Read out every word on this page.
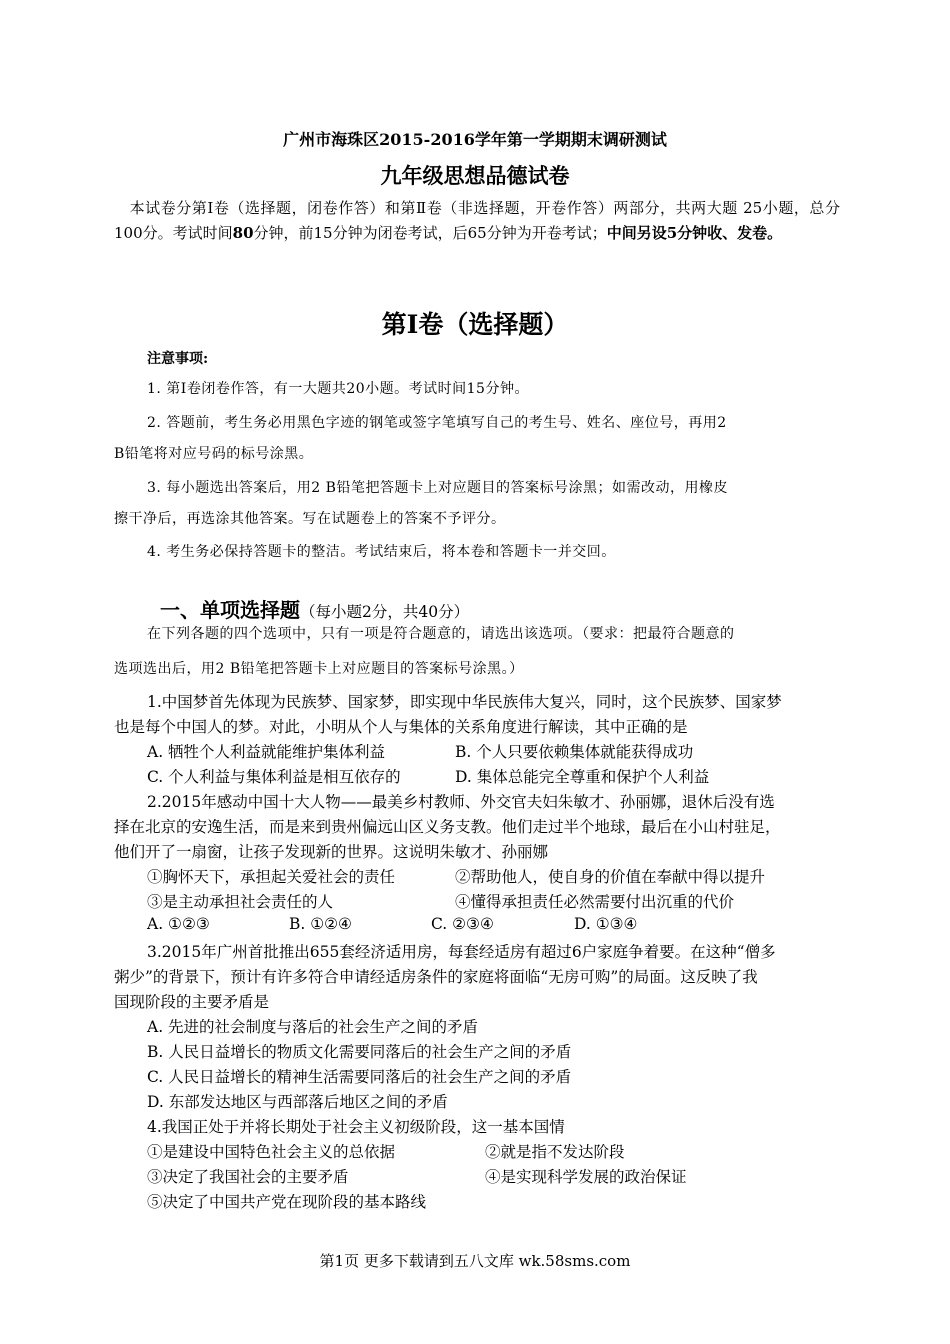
广州市海珠区2015-2016学年第一学期期末调研测试
九年级思想品德试卷
　本试卷分第Ⅰ卷（选择题，闭卷作答）和第Ⅱ卷（非选择题，开卷作答）两部分，共两大题 25小题，总分100分。考试时间80分钟，前15分钟为闭卷考试，后65分钟为开卷考试；中间另设5分钟收、发卷。
第Ⅰ卷（选择题）
注意事项:
1. 第Ⅰ卷闭卷作答，有一大题共20小题。考试时间15分钟。
2. 答题前，考生务必用黑色字迹的钢笔或签字笔填写自己的考生号、姓名、座位号，再用2
B铅笔将对应号码的标号涂黑。
3. 每小题选出答案后，用2 B铅笔把答题卡上对应题目的答案标号涂黑；如需改动，用橡皮
擦干净后，再选涂其他答案。写在试题卷上的答案不予评分。
4. 考生务必保持答题卡的整洁。考试结束后，将本卷和答题卡一并交回。
一、单项选择题（每小题2分，共40分）
在下列各题的四个选项中，只有一项是符合题意的，请选出该选项。（要求：把最符合题意的
选项选出后，用2 B铅笔把答题卡上对应题目的答案标号涂黑。）
1.中国梦首先体现为民族梦、国家梦，即实现中华民族伟大复兴，同时，这个民族梦、国家梦
也是每个中国人的梦。对此，小明从个人与集体的关系角度进行解读，其中正确的是
A. 牺牲个人利益就能维护集体利益	B. 个人只要依赖集体就能获得成功
C. 个人利益与集体利益是相互依存的	D. 集体总能完全尊重和保护个人利益
2.2015年感动中国十大人物——最美乡村教师、外交官夫妇朱敏才、孙丽娜，退休后没有选
择在北京的安逸生活，而是来到贵州偏远山区义务支教。他们走过半个地球，最后在小山村驻足，
他们开了一扇窗，让孩子发现新的世界。这说明朱敏才、孙丽娜
①胸怀天下，承担起关爱社会的责任	②帮助他人，使自身的价值在奉献中得以提升
③是主动承担社会责任的人	④懂得承担责任必然需要付出沉重的代价
A. ①②③	B. ①②④	C. ②③④	D. ①③④
3.2015年广州首批推出655套经济适用房，每套经适房有超过6户家庭争着要。在这种“僧多
粥少”的背景下，预计有许多符合申请经适房条件的家庭将面临“无房可购”的局面。这反映了我
国现阶段的主要矛盾是
A. 先进的社会制度与落后的社会生产之间的矛盾
B. 人民日益增长的物质文化需要同落后的社会生产之间的矛盾
C. 人民日益增长的精神生活需要同落后的社会生产之间的矛盾
D. 东部发达地区与西部落后地区之间的矛盾
4.我国正处于并将长期处于社会主义初级阶段，这一基本国情
①是建设中国特色社会主义的总依据	②就是指不发达阶段
③决定了我国社会的主要矛盾	④是实现科学发展的政治保证
⑤决定了中国共产党在现阶段的基本路线
第1页 更多下载请到五八文库 wk.58sms.com
